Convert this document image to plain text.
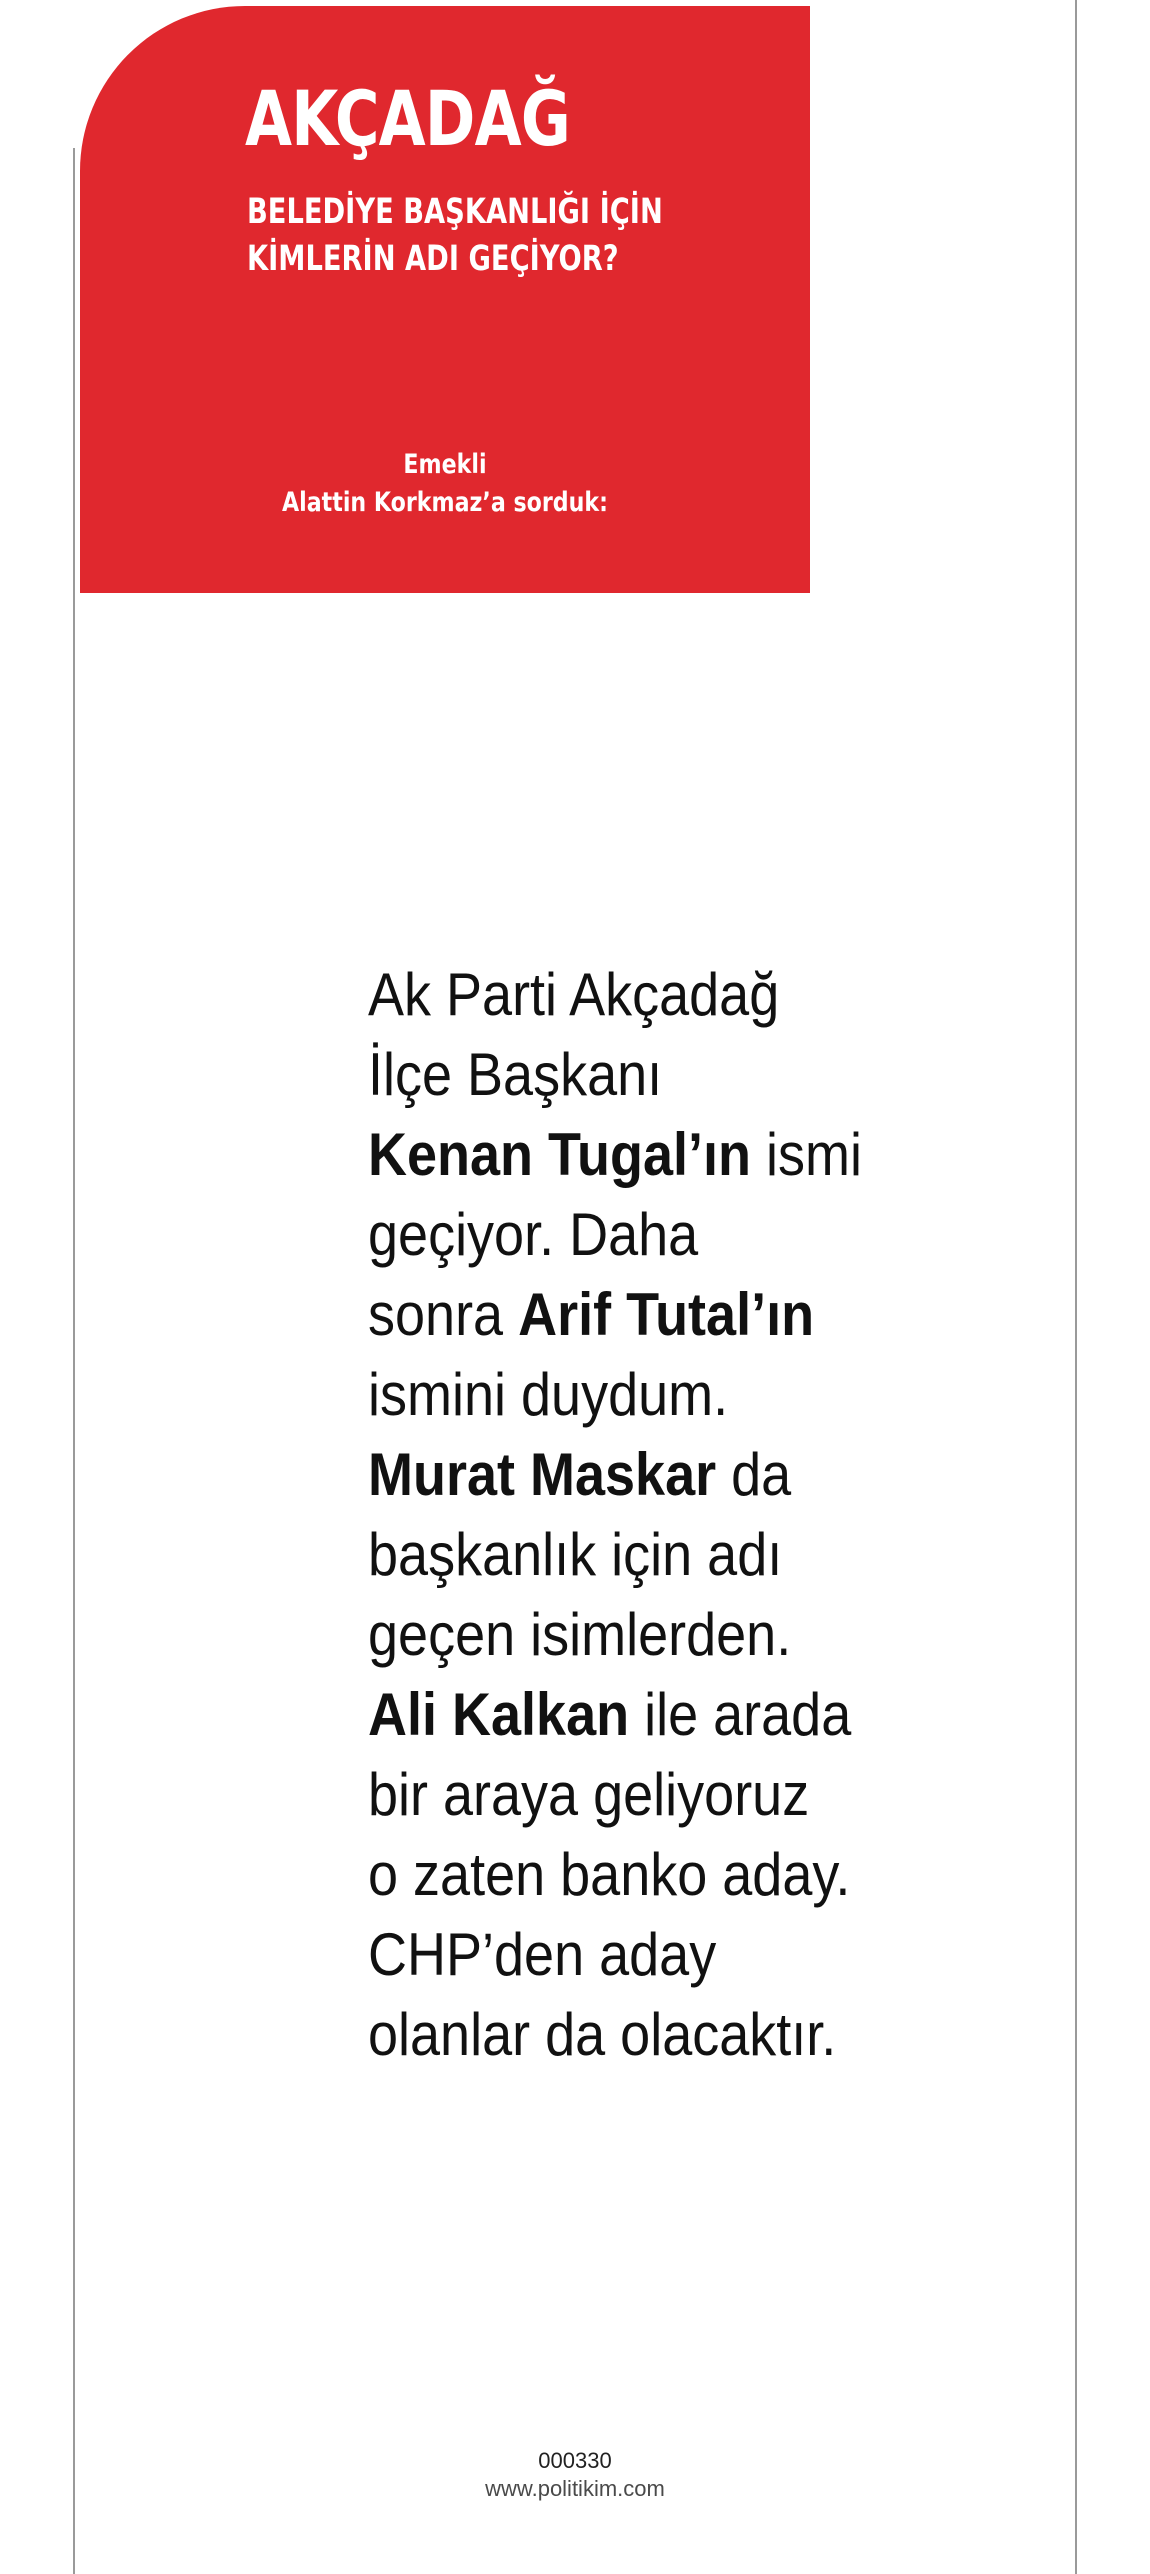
AKÇADAĞ
BELEDİYE BAŞKANLIĞI İÇİN
KİMLERİN ADI GEÇİYOR?
Emekli
Alattin Korkmaz’a sorduk:
Ak Parti Akçadağ
İlçe Başkanı
Kenan Tugal’ın ismi
geçiyor. Daha
sonra Arif Tutal’ın
ismini duydum.
Murat Maskar da
başkanlık için adı
geçen isimlerden.
Ali Kalkan ile arada
bir araya geliyoruz
o zaten banko aday.
CHP’den aday
olanlar da olacaktır.
000330
www.politikim.com
